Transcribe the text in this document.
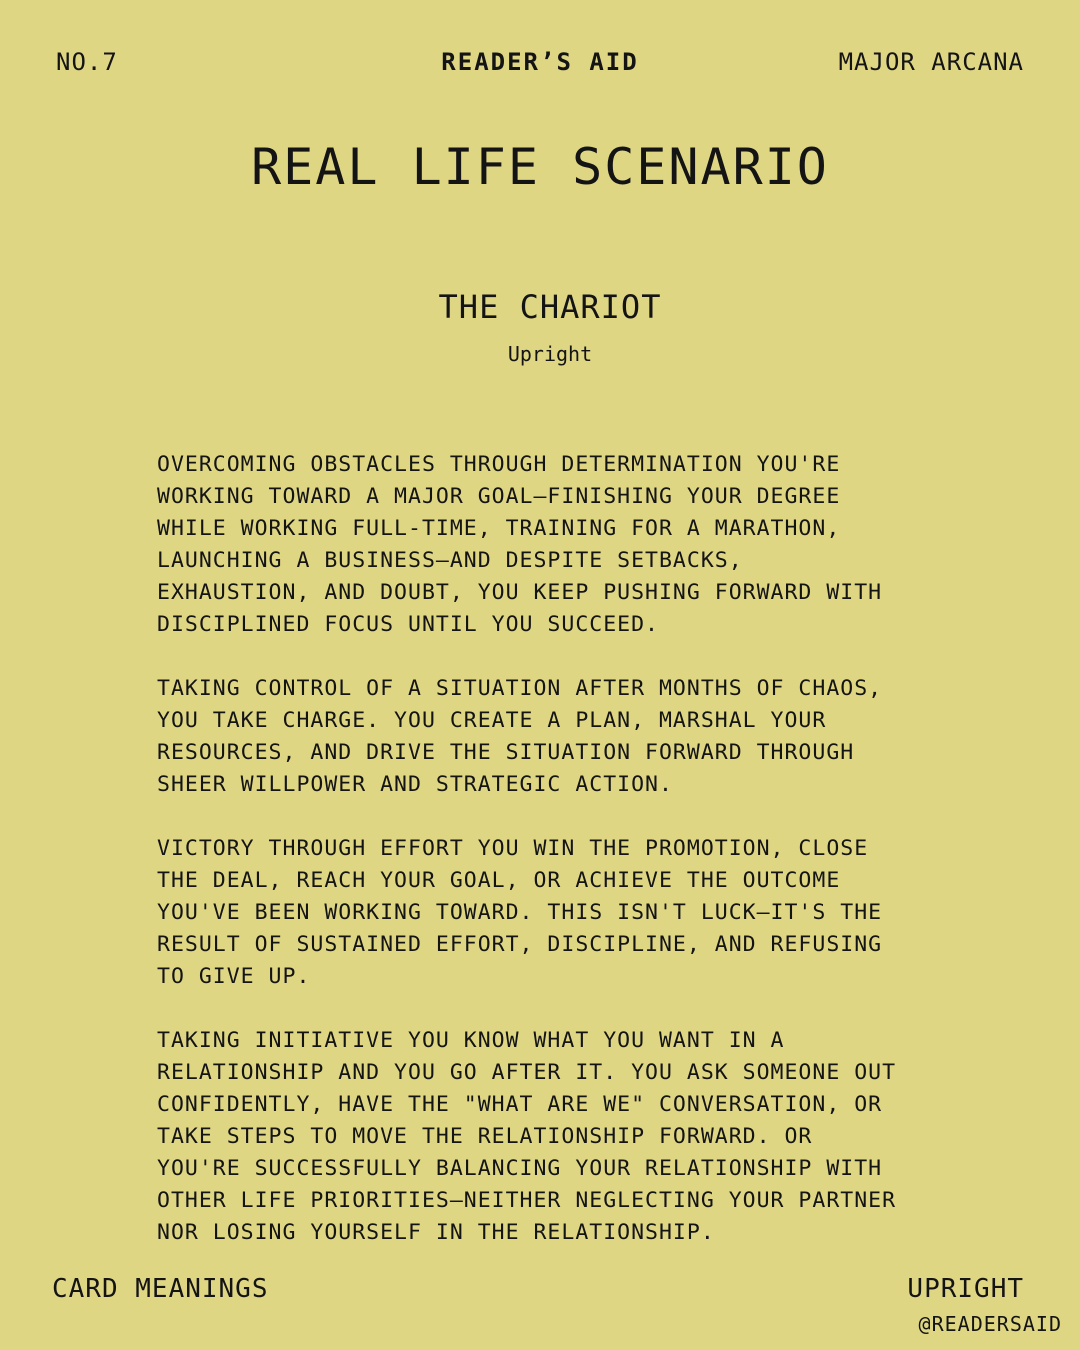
NO.7	READER’S AID	MAJOR ARCANA
REAL LIFE SCENARIO
THE CHARIOT
Upright

OVERCOMING OBSTACLES THROUGH DETERMINATION YOU'RE
WORKING TOWARD A MAJOR GOAL—FINISHING YOUR DEGREE
WHILE WORKING FULL-TIME, TRAINING FOR A MARATHON,
LAUNCHING A BUSINESS—AND DESPITE SETBACKS,
EXHAUSTION, AND DOUBT, YOU KEEP PUSHING FORWARD WITH
DISCIPLINED FOCUS UNTIL YOU SUCCEED.

TAKING CONTROL OF A SITUATION AFTER MONTHS OF CHAOS,
YOU TAKE CHARGE. YOU CREATE A PLAN, MARSHAL YOUR
RESOURCES, AND DRIVE THE SITUATION FORWARD THROUGH
SHEER WILLPOWER AND STRATEGIC ACTION.

VICTORY THROUGH EFFORT YOU WIN THE PROMOTION, CLOSE
THE DEAL, REACH YOUR GOAL, OR ACHIEVE THE OUTCOME
YOU'VE BEEN WORKING TOWARD. THIS ISN'T LUCK—IT'S THE
RESULT OF SUSTAINED EFFORT, DISCIPLINE, AND REFUSING
TO GIVE UP.

TAKING INITIATIVE YOU KNOW WHAT YOU WANT IN A
RELATIONSHIP AND YOU GO AFTER IT. YOU ASK SOMEONE OUT
CONFIDENTLY, HAVE THE "WHAT ARE WE" CONVERSATION, OR
TAKE STEPS TO MOVE THE RELATIONSHIP FORWARD. OR
YOU'RE SUCCESSFULLY BALANCING YOUR RELATIONSHIP WITH
OTHER LIFE PRIORITIES—NEITHER NEGLECTING YOUR PARTNER
NOR LOSING YOURSELF IN THE RELATIONSHIP.

CARD MEANINGS	UPRIGHT
@READERSAID
